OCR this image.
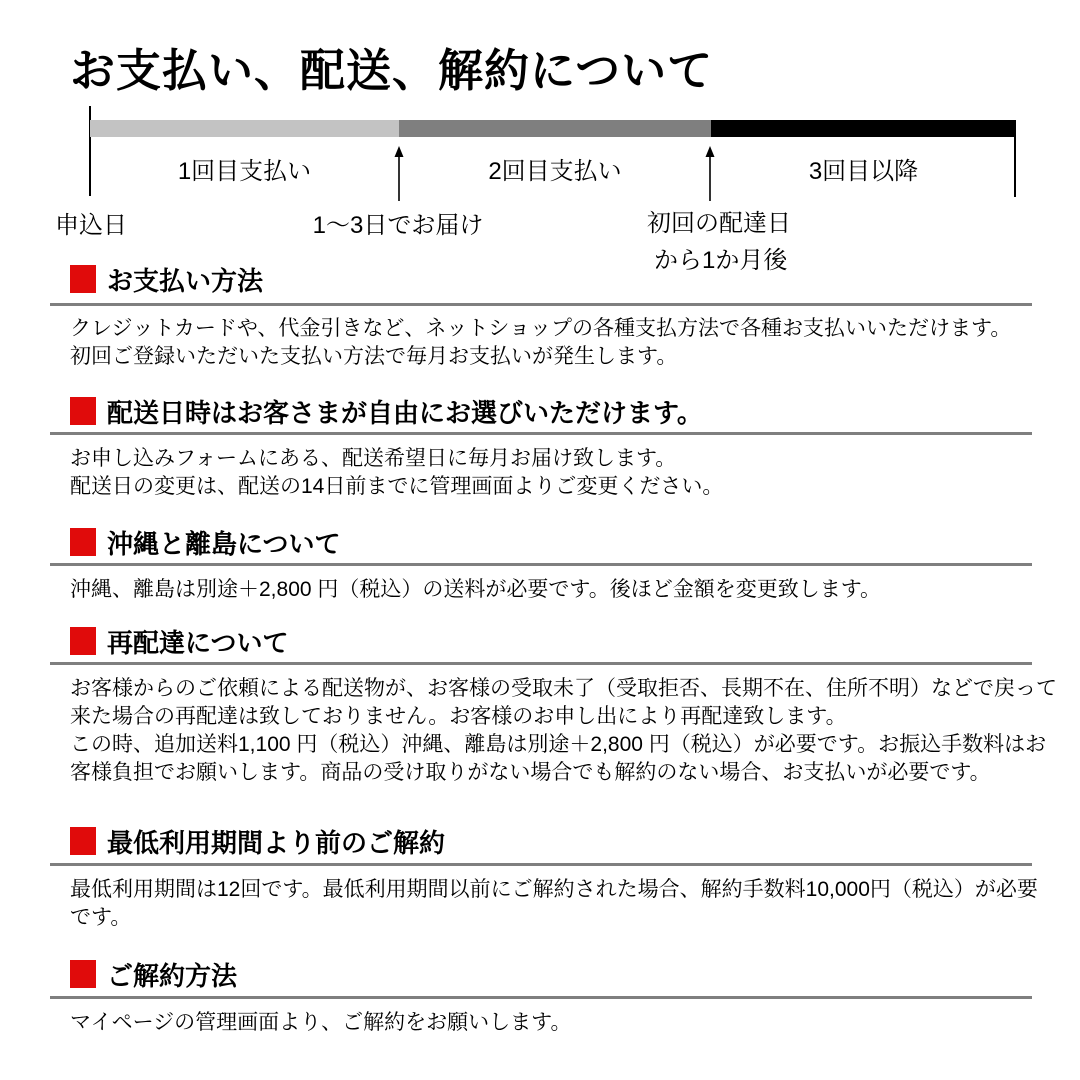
お支払い、配送、解約について
1回目支払い	2回目支払い	3回目以降
申込日	1～3日でお届け	初回の配達日
から1か月後
お支払い方法
クレジットカードや、代金引きなど、ネットショップの各種支払方法で各種お支払いいただけます。
初回ご登録いただいた支払い方法で毎月お支払いが発生します。
配送日時はお客さまが自由にお選びいただけます。
お申し込みフォームにある、配送希望日に毎月お届け致します。
配送日の変更は、配送の14日前までに管理画面よりご変更ください。
沖縄と離島について
沖縄、離島は別途＋2,800 円（税込）の送料が必要です。後ほど金額を変更致します。
再配達について
お客様からのご依頼による配送物が、お客様の受取未了（受取拒否、長期不在、住所不明）などで戻って
来た場合の再配達は致しておりません。お客様のお申し出により再配達致します。
この時、追加送料1,100 円（税込）沖縄、離島は別途＋2,800 円（税込）が必要です。お振込手数料はお
客様負担でお願いします。商品の受け取りがない場合でも解約のない場合、お支払いが必要です。
最低利用期間より前のご解約
最低利用期間は12回です。最低利用期間以前にご解約された場合、解約手数料10,000円（税込）が必要
です。
ご解約方法
マイページの管理画面より、ご解約をお願いします。
